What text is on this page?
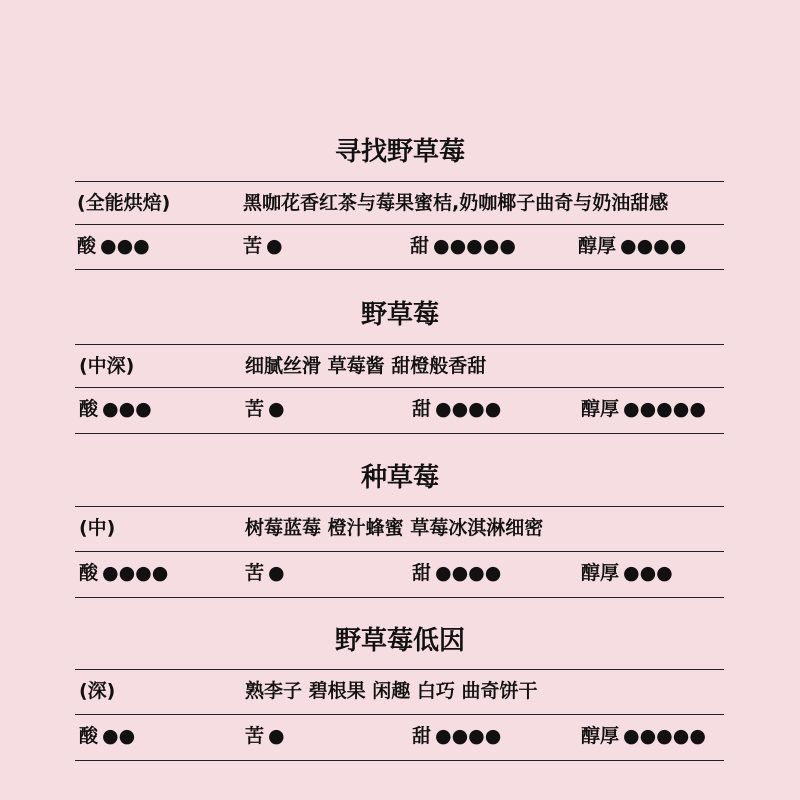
寻找野草莓
(全能烘焙)	黑咖花香红茶与莓果蜜桔,奶咖椰子曲奇与奶油甜感
酸 ●●●	苦 ●	甜 ●●●●●	醇厚 ●●●●
野草莓
(中深)	细腻丝滑 草莓酱 甜橙般香甜
酸 ●●●	苦 ●	甜 ●●●●	醇厚 ●●●●●
种草莓
(中)	树莓蓝莓 橙汁蜂蜜 草莓冰淇淋细密
酸 ●●●●	苦 ●	甜 ●●●●	醇厚 ●●●
野草莓低因
(深)	熟李子 碧根果 闲趣 白巧 曲奇饼干
酸 ●●	苦 ●	甜 ●●●●	醇厚 ●●●●●
